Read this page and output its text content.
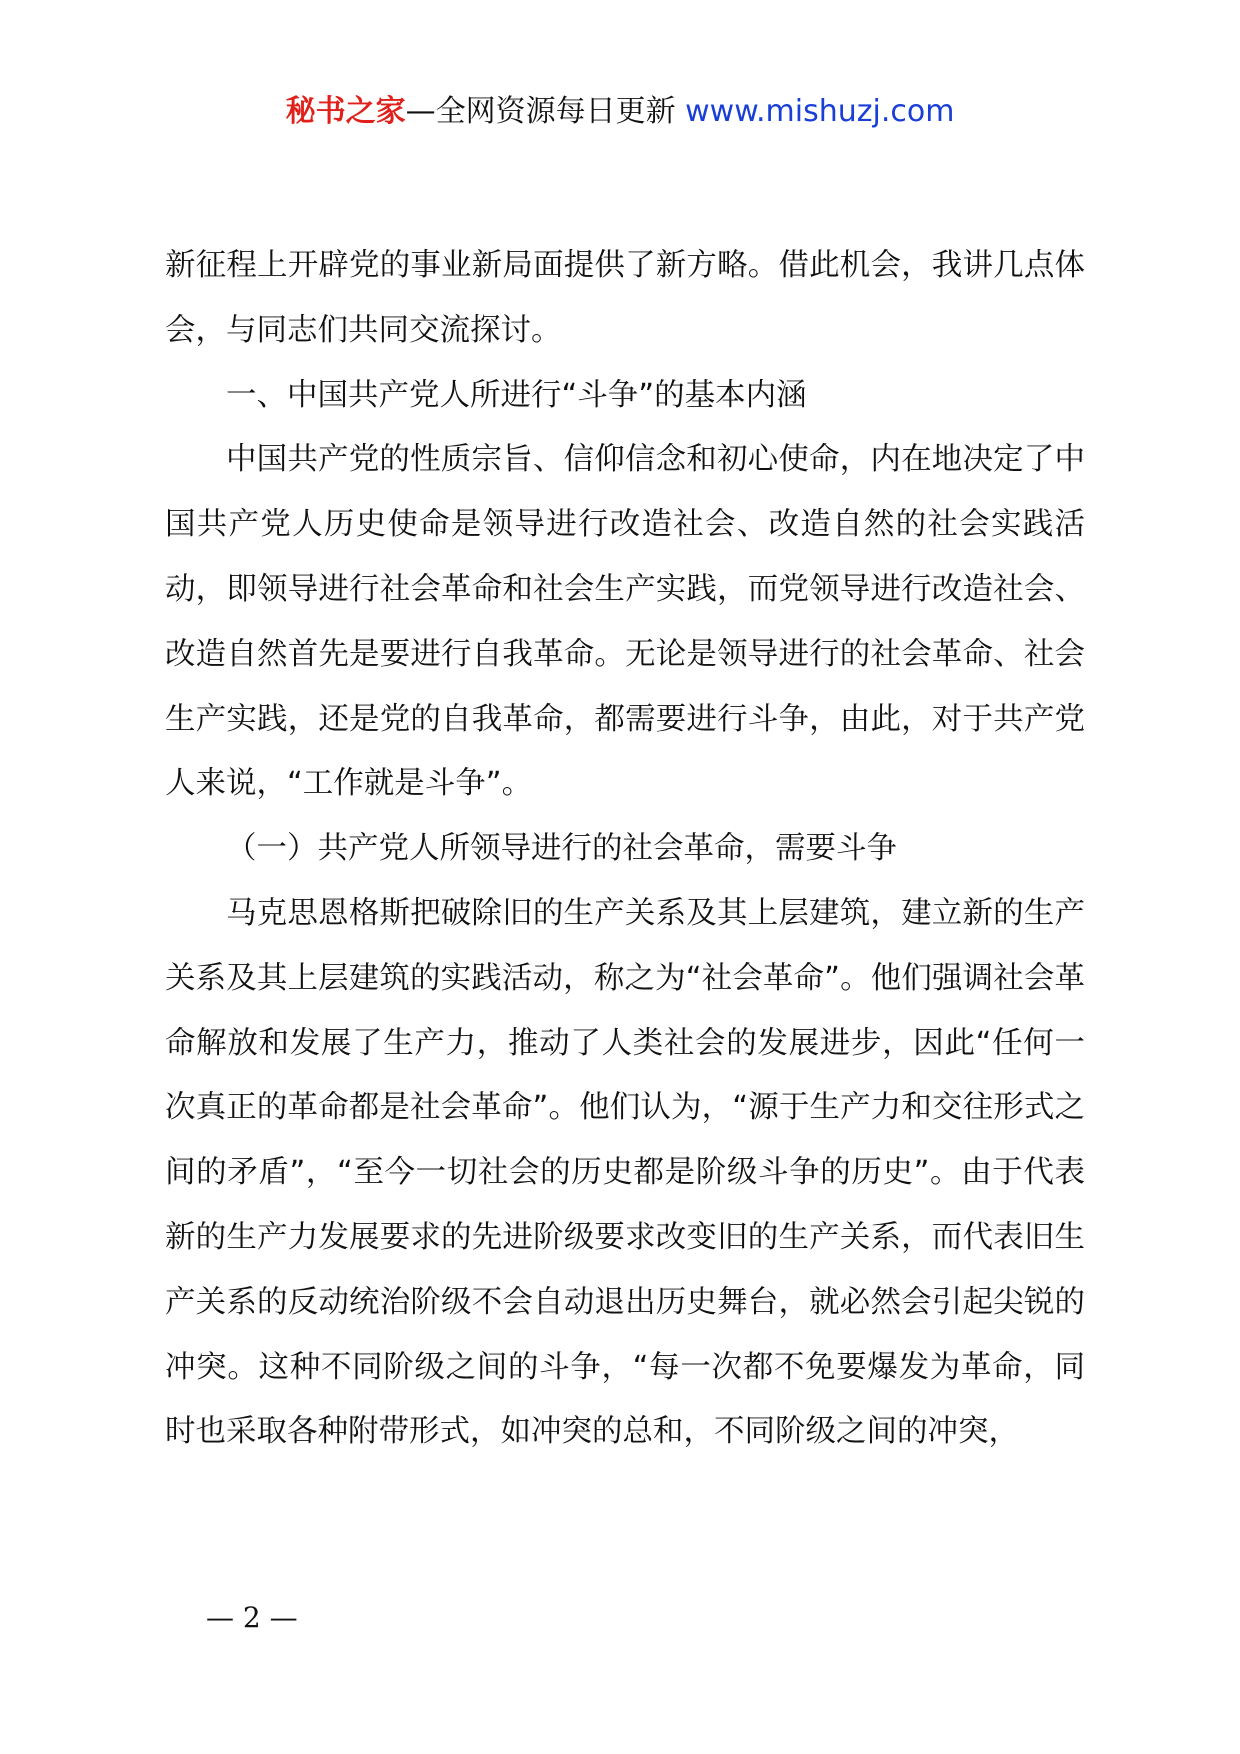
秘书之家—全网资源每日更新 www.mishuzj.com

新征程上开辟党的事业新局面提供了新方略。借此机会，我讲几点体会，与同志们共同交流探讨。

一、中国共产党人所进行“斗争”的基本内涵

中国共产党的性质宗旨、信仰信念和初心使命，内在地决定了中国共产党人历史使命是领导进行改造社会、改造自然的社会实践活动，即领导进行社会革命和社会生产实践，而党领导进行改造社会、改造自然首先是要进行自我革命。无论是领导进行的社会革命、社会生产实践，还是党的自我革命，都需要进行斗争，由此，对于共产党人来说，“工作就是斗争”。

（一）共产党人所领导进行的社会革命，需要斗争

马克思恩格斯把破除旧的生产关系及其上层建筑，建立新的生产关系及其上层建筑的实践活动，称之为“社会革命”。他们强调社会革命解放和发展了生产力，推动了人类社会的发展进步，因此“任何一次真正的革命都是社会革命”。他们认为，“源于生产力和交往形式之间的矛盾”，“至今一切社会的历史都是阶级斗争的历史”。由于代表新的生产力发展要求的先进阶级要求改变旧的生产关系，而代表旧生产关系的反动统治阶级不会自动退出历史舞台，就必然会引起尖锐的冲突。这种不同阶级之间的斗争，“每一次都不免要爆发为革命，同时也采取各种附带形式，如冲突的总和，不同阶级之间的冲突，

— 2 —
